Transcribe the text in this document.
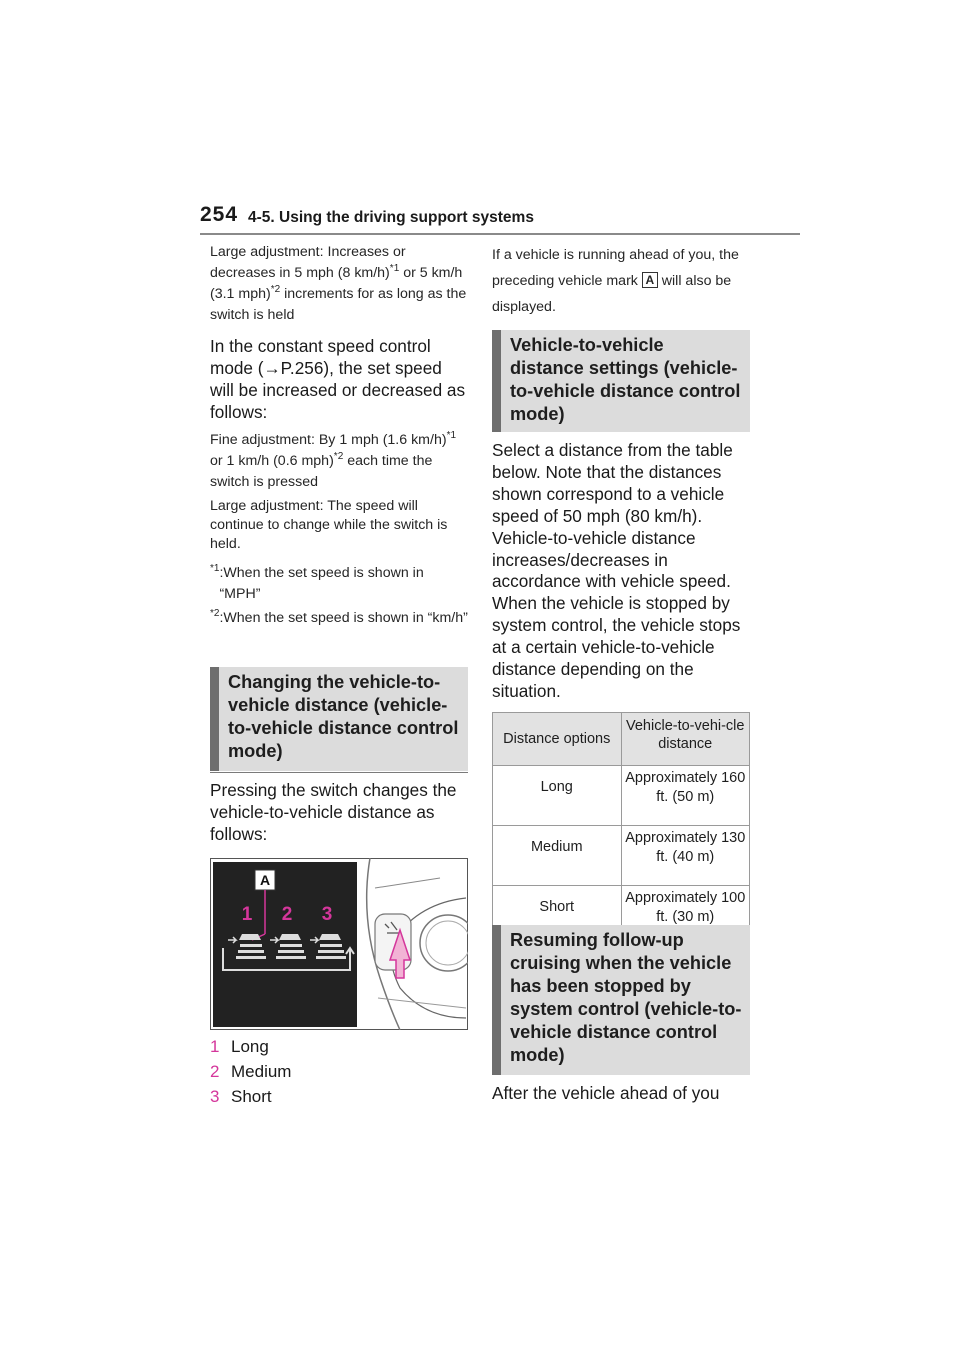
254 4-5. Using the driving support systems
Large adjustment: Increases or decreases in 5 mph (8 km/h)$^{*1}$ or 5 km/h (3.1 mph)$^{*2}$ increments for as long as the switch is held
In the constant speed control mode (→P.256), the set speed will be increased or decreased as follows:
Fine adjustment: By 1 mph (1.6 km/h)$^{*1}$ or 1 km/h (0.6 mph)$^{*2}$ each time the switch is pressed
Large adjustment: The speed will continue to change while the switch is held.
$^{*1}$ :When the set speed is shown in “MPH”
$^{*2}$ :When the set speed is shown in “km/h”
Changing the vehicle-to-vehicle distance (vehicle-to-vehicle distance control mode)
Pressing the switch changes the vehicle-to-vehicle distance as follows:
A
1 2 3
1 Long
2 Medium
3 Short
If a vehicle is running ahead of you, the preceding vehicle mark A will also be displayed.
Vehicle-to-vehicle distance settings (vehicle-to-vehicle distance control mode)
Select a distance from the table below. Note that the distances shown correspond to a vehicle speed of 50 mph (80 km/h). Vehicle-to-vehicle distance increases/decreases in accordance with vehicle speed. When the vehicle is stopped by system control, the vehicle stops at a certain vehicle-to-vehicle distance depending on the situation.
Distance options	Vehicle-to-vehi-cle distance
Long	Approximately 160 ft. (50 m)
Medium	Approximately 130 ft. (40 m)
Short	Approximately 100 ft. (30 m)
Resuming follow-up cruising when the vehicle has been stopped by system control (vehicle-to-vehicle distance control mode)
After the vehicle ahead of you
